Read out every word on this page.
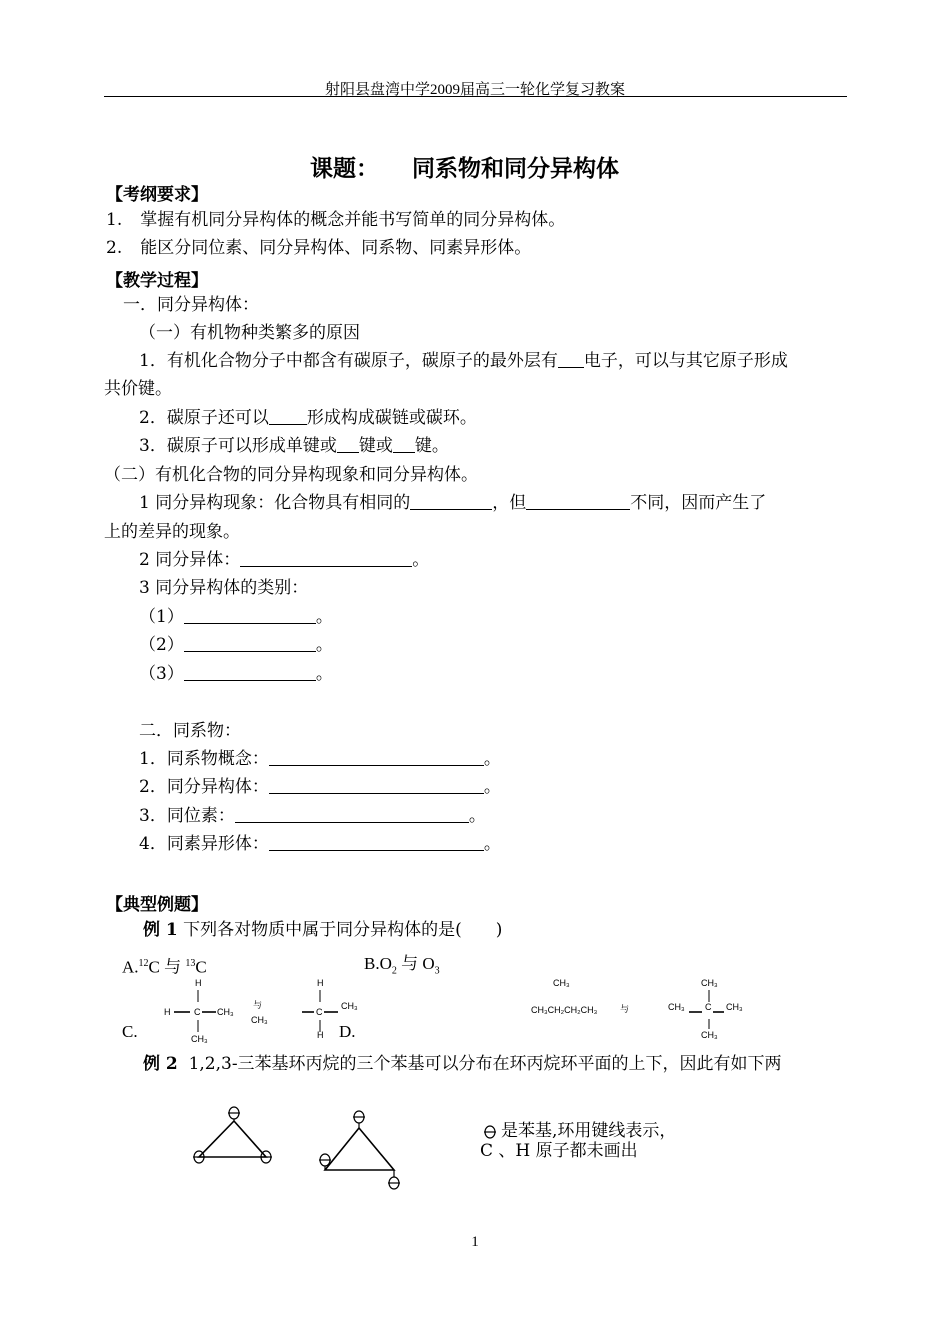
射阳县盘湾中学2009届高三一轮化学复习教案
课题： 同系物和同分异构体
【考纲要求】
1. 掌握有机同分异构体的概念并能书写简单的同分异构体。
2. 能区分同位素、同分异构体、同系物、同素异形体。
【教学过程】
一．同分异构体：
（一）有机物种类繁多的原因
1．有机化合物分子中都含有碳原子，碳原子的最外层有 电子，可以与其它原子形成
共价键。
2．碳原子还可以 形成构成碳链或碳环。
3．碳原子可以形成单键或 键或 键。
（二）有机化合物的同分异构现象和同分异构体。
1 同分异构现象：化合物具有相同的	，但	不同，因而产生了
上的差异的现象。
2 同分异体：	。
3 同分异构体的类别：
（1）	。
（2）	。
（3）	。
二．同系物：
1．同系物概念：	。
2．同分异构体：	。
3．同位素：	。
4．同素异形体：	。
【典型例题】
例 1 下列各对物质中属于同分异构体的是(　　)
A.$^{12}$C 与 $^{13}$C	$B.O_2$ 与 $O_3$
C.
H
H	C CH₃
CH₃
与
CH₃
H
C
CH₃
H D.
CH₃
CH₃CH₂CH₂CH₃	与
CH₃
CH₃ C CH₃
CH₃
例 2 1,2,3-三苯基环丙烷的三个苯基可以分布在环丙烷环平面的上下，因此有如下两
是苯基,环用键线表示，
C 、H 原子都未画出
1
